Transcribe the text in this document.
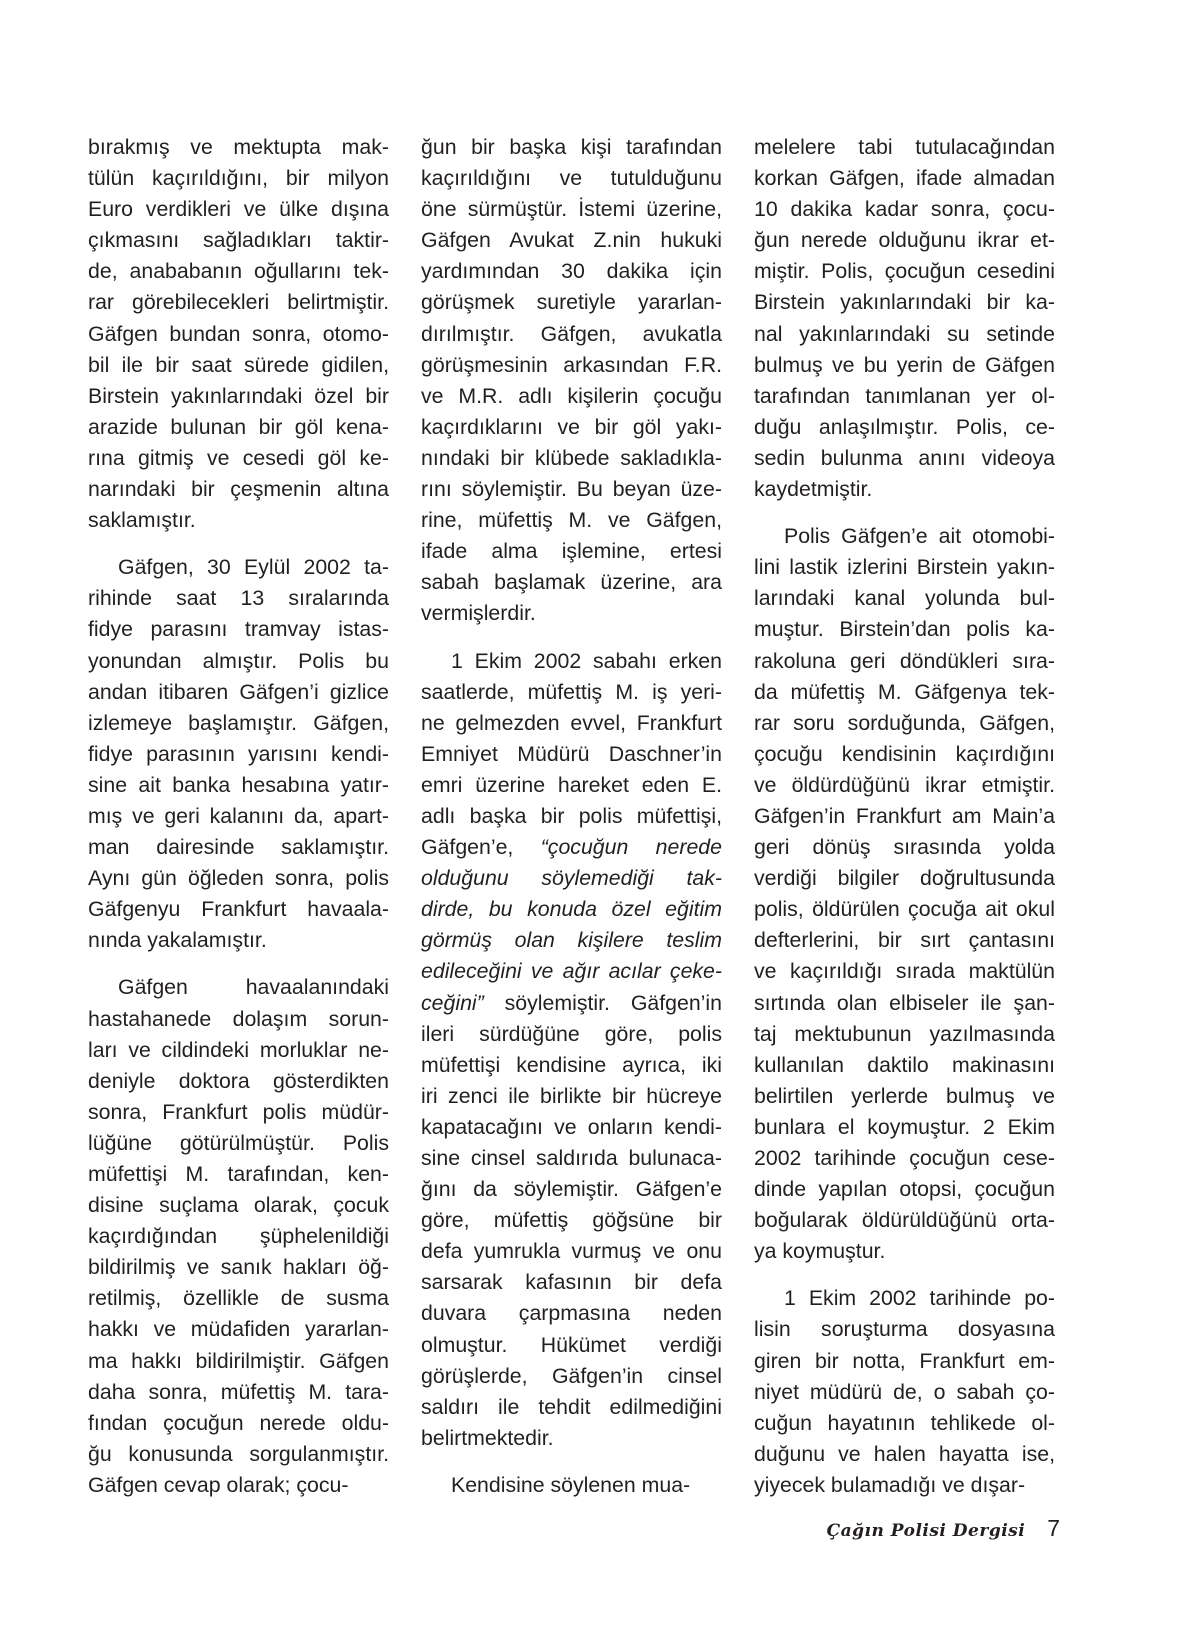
bırakmış ve mektupta mak-
tülün kaçırıldığını, bir milyon
Euro verdikleri ve ülke dışına
çıkmasını sağladıkları taktir-
de, anababanın oğullarını tek-
rar görebilecekleri belirtmiştir.
Gäfgen bundan sonra, otomo-
bil ile bir saat sürede gidilen,
Birstein yakınlarındaki özel bir
arazide bulunan bir göl kena-
rına gitmiş ve cesedi göl ke-
narındaki bir çeşmenin altına
saklamıştır.
Gäfgen, 30 Eylül 2002 ta-
rihinde saat 13 sıralarında
fidye parasını tramvay istas-
yonundan almıştır. Polis bu
andan itibaren Gäfgen’i gizlice
izlemeye başlamıştır. Gäfgen,
fidye parasının yarısını kendi-
sine ait banka hesabına yatır-
mış ve geri kalanını da, apart-
man dairesinde saklamıştır.
Aynı gün öğleden sonra, polis
Gäfgenyu Frankfurt havaala-
nında yakalamıştır.
Gäfgen havaalanındaki
hastahanede dolaşım sorun-
ları ve cildindeki morluklar ne-
deniyle doktora gösterdikten
sonra, Frankfurt polis müdür-
lüğüne götürülmüştür. Polis
müfettişi M. tarafından, ken-
disine suçlama olarak, çocuk
kaçırdığından şüphelenildiği
bildirilmiş ve sanık hakları öğ-
retilmiş, özellikle de susma
hakkı ve müdafiden yararlan-
ma hakkı bildirilmiştir. Gäfgen
daha sonra, müfettiş M. tara-
fından çocuğun nerede oldu-
ğu konusunda sorgulanmıştır.
Gäfgen cevap olarak; çocu-
ğun bir başka kişi tarafından
kaçırıldığını ve tutulduğunu
öne sürmüştür. İstemi üzerine,
Gäfgen Avukat Z.nin hukuki
yardımından 30 dakika için
görüşmek suretiyle yararlan-
dırılmıştır. Gäfgen, avukatla
görüşmesinin arkasından F.R.
ve M.R. adlı kişilerin çocuğu
kaçırdıklarını ve bir göl yakı-
nındaki bir klübede sakladıkla-
rını söylemiştir. Bu beyan üze-
rine, müfettiş M. ve Gäfgen,
ifade alma işlemine, ertesi
sabah başlamak üzerine, ara
vermişlerdir.
1 Ekim 2002 sabahı erken
saatlerde, müfettiş M. iş yeri-
ne gelmezden evvel, Frankfurt
Emniyet Müdürü Daschner’in
emri üzerine hareket eden E.
adlı başka bir polis müfettişi,
Gäfgen’e, “çocuğun nerede
olduğunu söylemediği tak-
dirde, bu konuda özel eğitim
görmüş olan kişilere teslim
edileceğini ve ağır acılar çeke-
ceğini” söylemiştir. Gäfgen’in
ileri sürdüğüne göre, polis
müfettişi kendisine ayrıca, iki
iri zenci ile birlikte bir hücreye
kapatacağını ve onların kendi-
sine cinsel saldırıda bulunaca-
ğını da söylemiştir. Gäfgen’e
göre, müfettiş göğsüne bir
defa yumrukla vurmuş ve onu
sarsarak kafasının bir defa
duvara çarpmasına neden
olmuştur. Hükümet verdiği
görüşlerde, Gäfgen’in cinsel
saldırı ile tehdit edilmediğini
belirtmektedir.
Kendisine söylenen mua-
melelere tabi tutulacağından
korkan Gäfgen, ifade almadan
10 dakika kadar sonra, çocu-
ğun nerede olduğunu ikrar et-
miştir. Polis, çocuğun cesedini
Birstein yakınlarındaki bir ka-
nal yakınlarındaki su setinde
bulmuş ve bu yerin de Gäfgen
tarafından tanımlanan yer ol-
duğu anlaşılmıştır. Polis, ce-
sedin bulunma anını videoya
kaydetmiştir.
Polis Gäfgen’e ait otomobi-
lini lastik izlerini Birstein yakın-
larındaki kanal yolunda bul-
muştur. Birstein’dan polis ka-
rakoluna geri döndükleri sıra-
da müfettiş M. Gäfgenya tek-
rar soru sorduğunda, Gäfgen,
çocuğu kendisinin kaçırdığını
ve öldürdüğünü ikrar etmiştir.
Gäfgen’in Frankfurt am Main’a
geri dönüş sırasında yolda
verdiği bilgiler doğrultusunda
polis, öldürülen çocuğa ait okul
defterlerini, bir sırt çantasını
ve kaçırıldığı sırada maktülün
sırtında olan elbiseler ile şan-
taj mektubunun yazılmasında
kullanılan daktilo makinasını
belirtilen yerlerde bulmuş ve
bunlara el koymuştur. 2 Ekim
2002 tarihinde çocuğun cese-
dinde yapılan otopsi, çocuğun
boğularak öldürüldüğünü orta-
ya koymuştur.
1 Ekim 2002 tarihinde po-
lisin soruşturma dosyasına
giren bir notta, Frankfurt em-
niyet müdürü de, o sabah ço-
cuğun hayatının tehlikede ol-
duğunu ve halen hayatta ise,
yiyecek bulamadığı ve dışar-
Çağın Polisi Dergisi 7
